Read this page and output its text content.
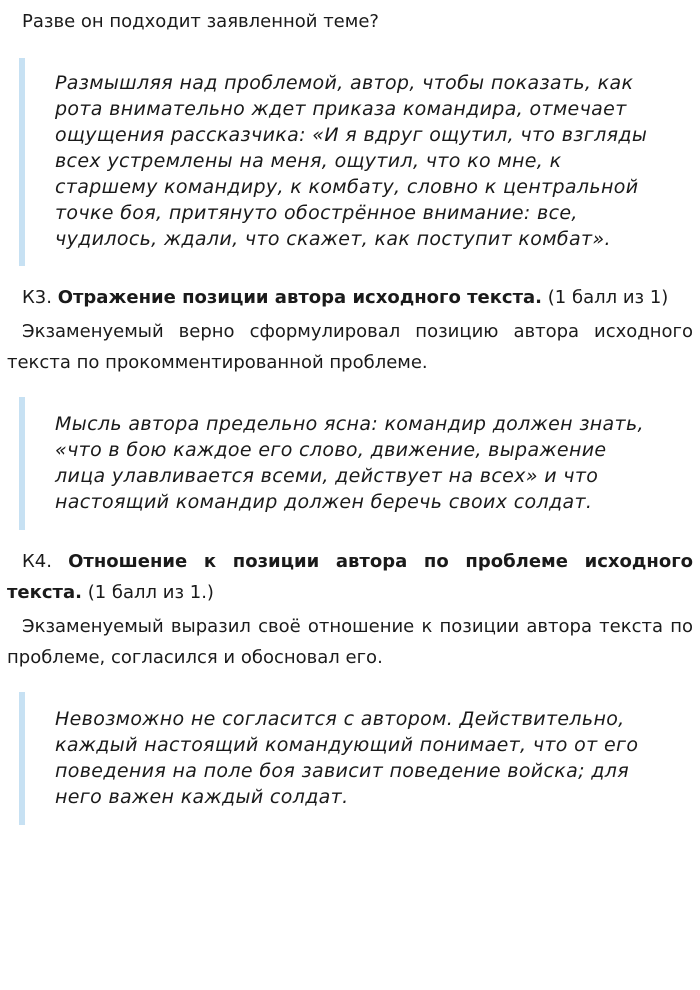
Разве он подходит заявленной теме?

Размышляя над проблемой, автор, чтобы показать, как рота внимательно ждет приказа командира, отмечает ощущения рассказчика: «И я вдруг ощутил, что взгляды всех устремлены на меня, ощутил, что ко мне, к старшему командиру, к комбату, словно к центральной точке боя, притянуто обострённое внимание: все, чудилось, ждали, что скажет, как поступит комбат».

К3. Отражение позиции автора исходного текста. (1 балл из 1)

Экзаменуемый верно сформулировал позицию автора исходного текста по прокомментированной проблеме.

Мысль автора предельно ясна: командир должен знать, «что в бою каждое его слово, движение, выражение лица улавливается всеми, действует на всех» и что настоящий командир должен беречь своих солдат.

К4. Отношение к позиции автора по проблеме исходного текста. (1 балл из 1.)

Экзаменуемый выразил своё отношение к позиции автора текста по проблеме, согласился и обосновал его.

Невозможно не согласится с автором. Действительно, каждый настоящий командующий понимает, что от его поведения на поле боя зависит поведение войска; для него важен каждый солдат.
